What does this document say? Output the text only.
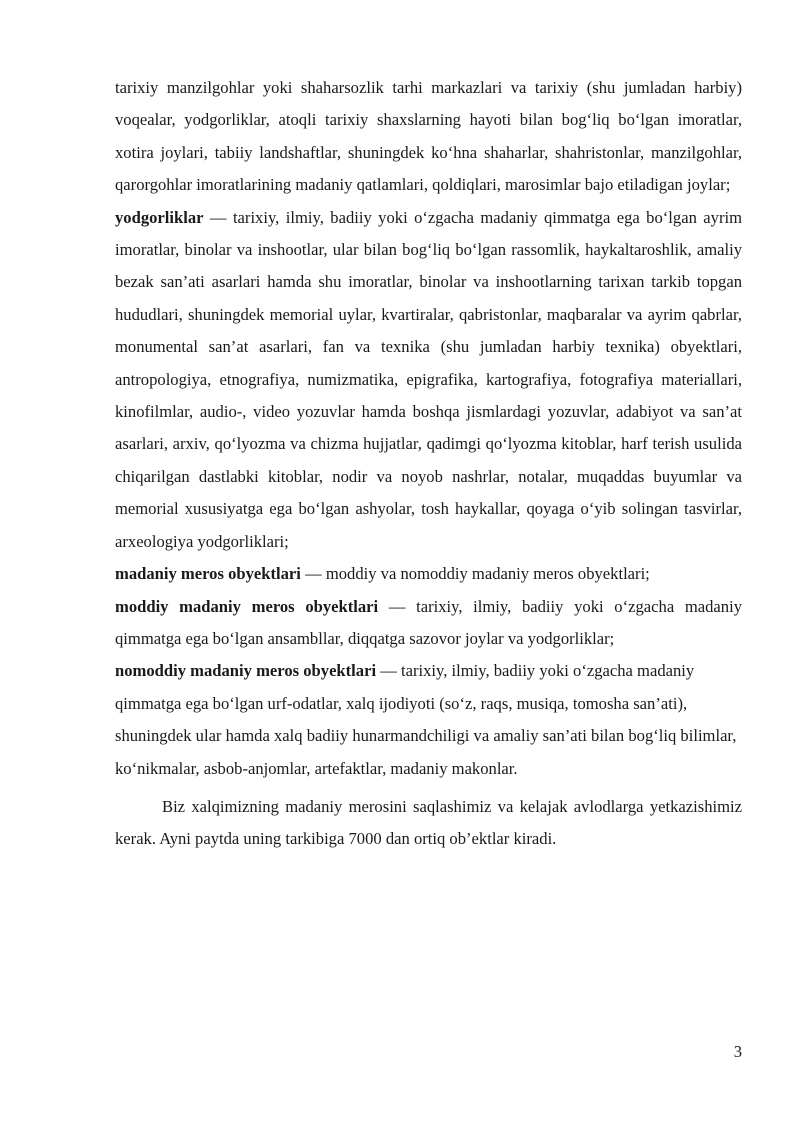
tarixiy manzilgohlar yoki shaharsozlik tarhi markazlari va tarixiy (shu jumladan harbiy) voqealar, yodgorliklar, atoqli tarixiy shaxslarning hayoti bilan bog‘liq bo‘lgan imoratlar, xotira joylari, tabiiy landshaftlar, shuningdek ko‘hna shaharlar, shahristonlar, manzilgohlar, qarorgohlar imoratlarining madaniy qatlamlari, qoldiqlari, marosimlar bajo etiladigan joylar;

yodgorliklar — tarixiy, ilmiy, badiiy yoki o‘zgacha madaniy qimmatga ega bo‘lgan ayrim imoratlar, binolar va inshootlar, ular bilan bog‘liq bo‘lgan rassomlik, haykaltaroshlik, amaliy bezak san’ati asarlari hamda shu imoratlar, binolar va inshootlarning tarixan tarkib topgan hududlari, shuningdek memorial uylar, kvartiralar, qabristonlar, maqbaralar va ayrim qabrlar, monumental san’at asarlari, fan va texnika (shu jumladan harbiy texnika) obyektlari, antropologiya, etnografiya, numizmatika, epigrafika, kartografiya, fotografiya materiallari, kinofilmlar, audio-, video yozuvlar hamda boshqa jismlardagi yozuvlar, adabiyot va san’at asarlari, arxiv, qo‘lyozma va chizma hujjatlar, qadimgi qo‘lyozma kitoblar, harf terish usulida chiqarilgan dastlabki kitoblar, nodir va noyob nashrlar, notalar, muqaddas buyumlar va memorial xususiyatga ega bo‘lgan ashyolar, tosh haykallar, qoyaga o‘yib solingan tasvirlar, arxeologiya yodgorliklari;

madaniy meros obyektlari — moddiy va nomoddiy madaniy meros obyektlari;

moddiy madaniy meros obyektlari — tarixiy, ilmiy, badiiy yoki o‘zgacha madaniy qimmatga ega bo‘lgan ansambllar, diqqatga sazovor joylar va yodgorliklar;

nomoddiy madaniy meros obyektlari — tarixiy, ilmiy, badiiy yoki o‘zgacha madaniy qimmatga ega bo‘lgan urf-odatlar, xalq ijodiyoti (so‘z, raqs, musiqa, tomosha san’ati), shuningdek ular hamda xalq badiiy hunarmandchiligi va amaliy san’ati bilan bog‘liq bilimlar, ko‘nikmalar, asbob-anjomlar, artefaktlar, madaniy makonlar.

Biz xalqimizning madaniy merosini saqlashimiz va kelajak avlodlarga yetkazishimiz kerak. Ayni paytda uning tarkibiga 7000 dan ortiq ob’ektlar kiradi.

3
